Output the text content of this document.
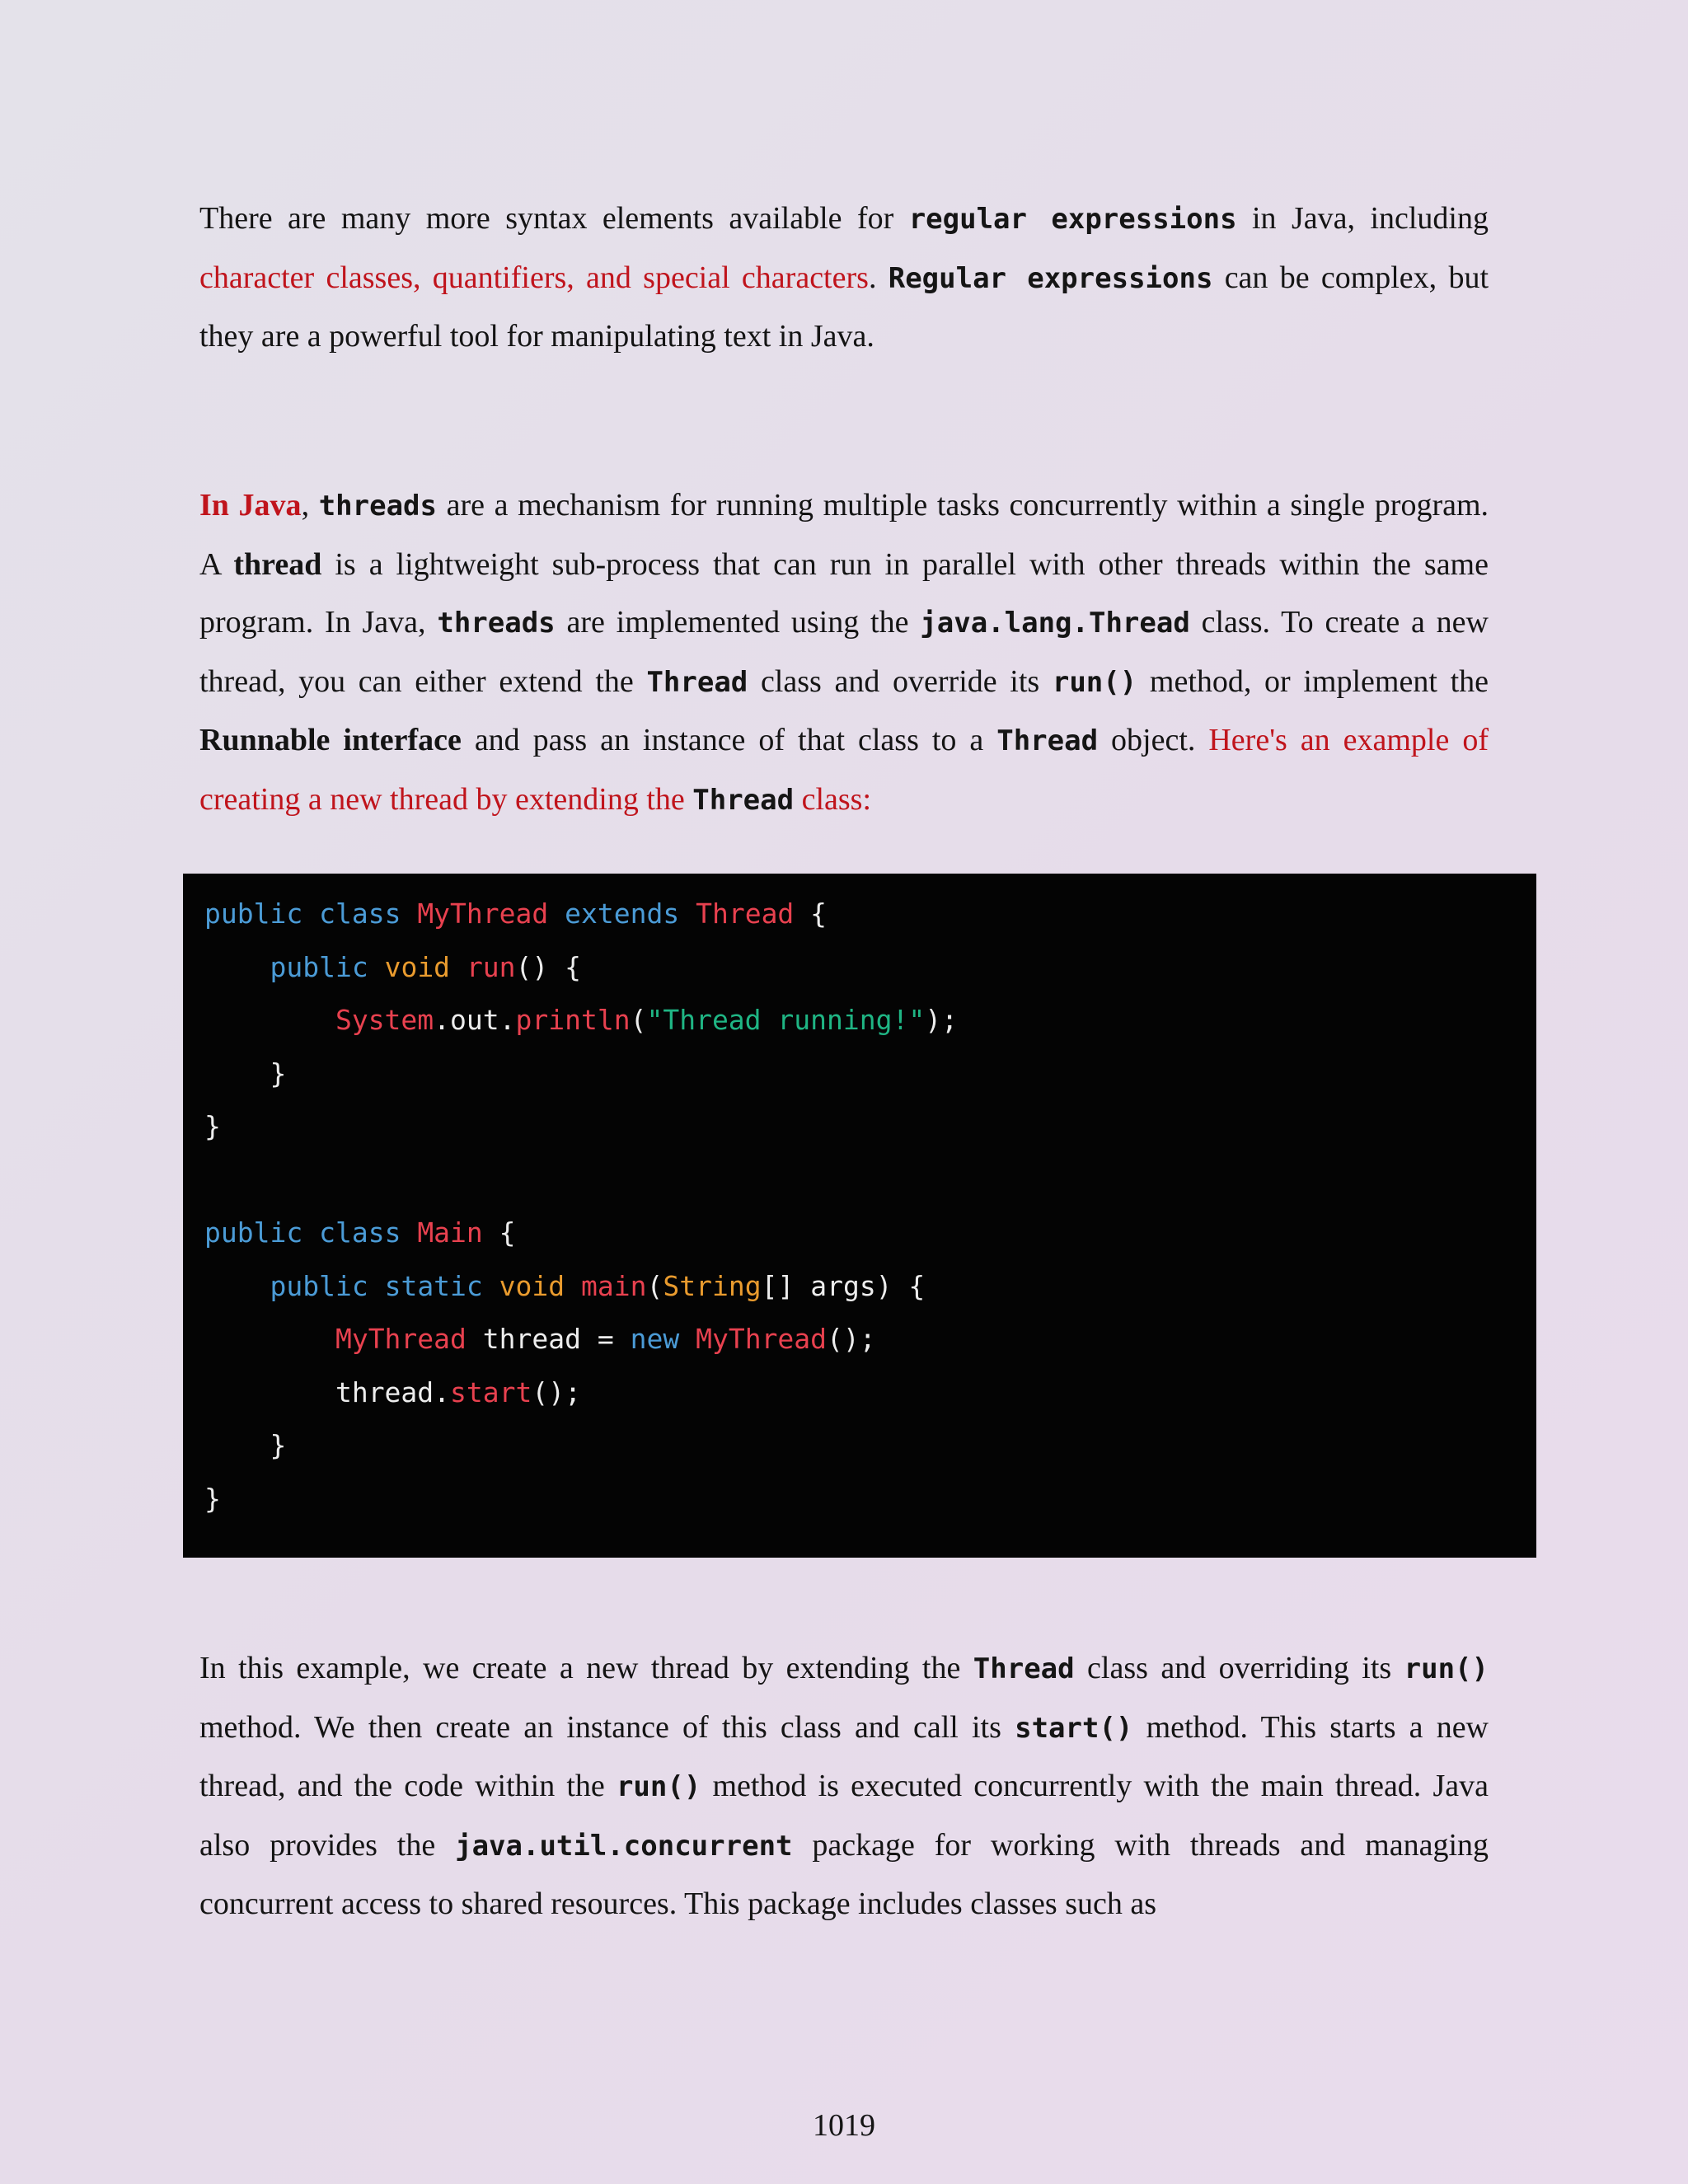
There are many more syntax elements available for regular expressions in Java, including character classes, quantifiers, and special characters. Regular expressions can be complex, but they are a powerful tool for manipulating text in Java.

In Java, threads are a mechanism for running multiple tasks concurrently within a single program. A thread is a lightweight sub-process that can run in parallel with other threads within the same program. In Java, threads are implemented using the java.lang.Thread class. To create a new thread, you can either extend the Thread class and override its run() method, or implement the Runnable interface and pass an instance of that class to a Thread object. Here's an example of creating a new thread by extending the Thread class:

public class MyThread extends Thread {
public void run() {
System.out.println("Thread running!");
}
}

public class Main {
public static void main(String[] args) {
MyThread thread = new MyThread();
thread.start();
}
}

In this example, we create a new thread by extending the Thread class and overriding its run() method. We then create an instance of this class and call its start() method. This starts a new thread, and the code within the run() method is executed concurrently with the main thread. Java also provides the java.util.concurrent package for working with threads and managing concurrent access to shared resources. This package includes classes such as

1019
